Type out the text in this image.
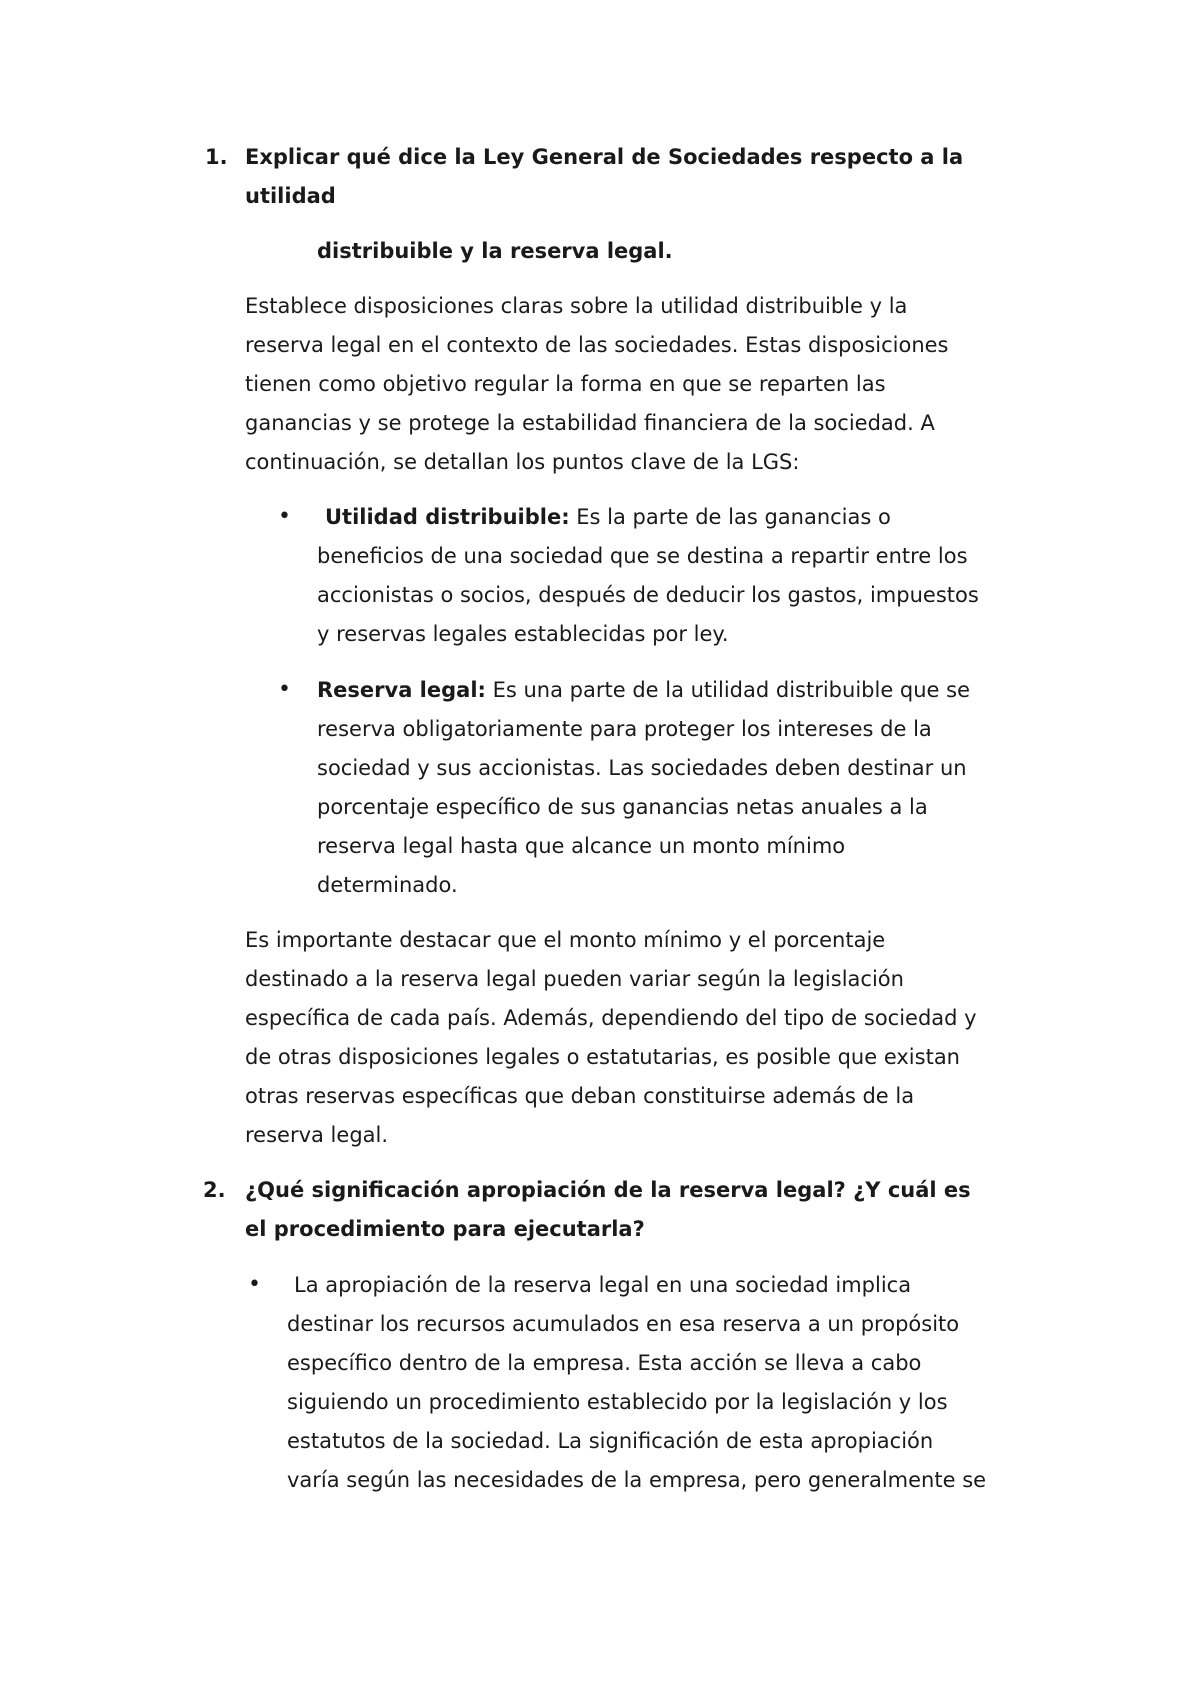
1. Explicar qué dice la Ley General de Sociedades respecto a la
utilidad
distribuible y la reserva legal.
Establece disposiciones claras sobre la utilidad distribuible y la
reserva legal en el contexto de las sociedades. Estas disposiciones
tienen como objetivo regular la forma en que se reparten las
ganancias y se protege la estabilidad financiera de la sociedad. A
continuación, se detallan los puntos clave de la LGS:
• Utilidad distribuible: Es la parte de las ganancias o
beneficios de una sociedad que se destina a repartir entre los
accionistas o socios, después de deducir los gastos, impuestos
y reservas legales establecidas por ley.
• Reserva legal: Es una parte de la utilidad distribuible que se
reserva obligatoriamente para proteger los intereses de la
sociedad y sus accionistas. Las sociedades deben destinar un
porcentaje específico de sus ganancias netas anuales a la
reserva legal hasta que alcance un monto mínimo
determinado.
Es importante destacar que el monto mínimo y el porcentaje
destinado a la reserva legal pueden variar según la legislación
específica de cada país. Además, dependiendo del tipo de sociedad y
de otras disposiciones legales o estatutarias, es posible que existan
otras reservas específicas que deban constituirse además de la
reserva legal.
2. ¿Qué significación apropiación de la reserva legal? ¿Y cuál es
el procedimiento para ejecutarla?
• La apropiación de la reserva legal en una sociedad implica
destinar los recursos acumulados en esa reserva a un propósito
específico dentro de la empresa. Esta acción se lleva a cabo
siguiendo un procedimiento establecido por la legislación y los
estatutos de la sociedad. La significación de esta apropiación
varía según las necesidades de la empresa, pero generalmente se
